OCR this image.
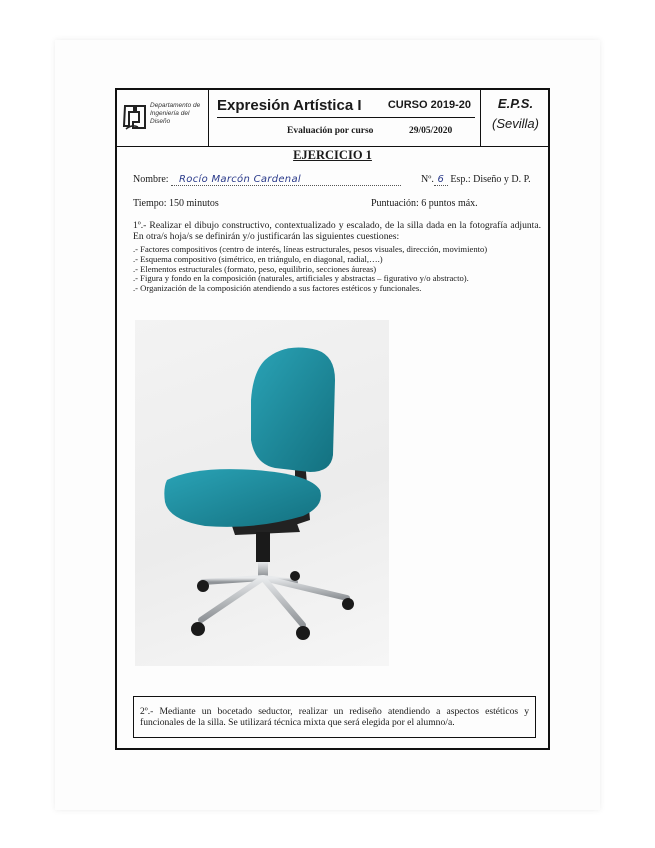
Departamento de Ingeniería del Diseño
Expresión Artística I CURSO 2019-20
Evaluación por curso	29/05/2020
E.P.S.
(Sevilla)
EJERCICIO 1
Nombre: Rocío Marcón Cardenal	Nº. 6 Esp.: Diseño y D. P.
Tiempo: 150 minutos	Puntuación: 6 puntos máx.
1º.- Realizar el dibujo constructivo, contextualizado y escalado, de la silla dada en la fotografía adjunta. En otra/s hoja/s se definirán y/o justificarán las siguientes cuestiones:
.- Factores compositivos (centro de interés, líneas estructurales, pesos visuales, dirección, movimiento)
.- Esquema compositivo (simétrico, en triángulo, en diagonal, radial,….)
.- Elementos estructurales (formato, peso, equilibrio, secciones áureas)
.- Figura y fondo en la composición (naturales, artificiales y abstractas – figurativo y/o abstracto).
.- Organización de la composición atendiendo a sus factores estéticos y funcionales.
2º.- Mediante un bocetado seductor, realizar un rediseño atendiendo a aspectos estéticos y funcionales de la silla. Se utilizará técnica mixta que será elegida por el alumno/a.
